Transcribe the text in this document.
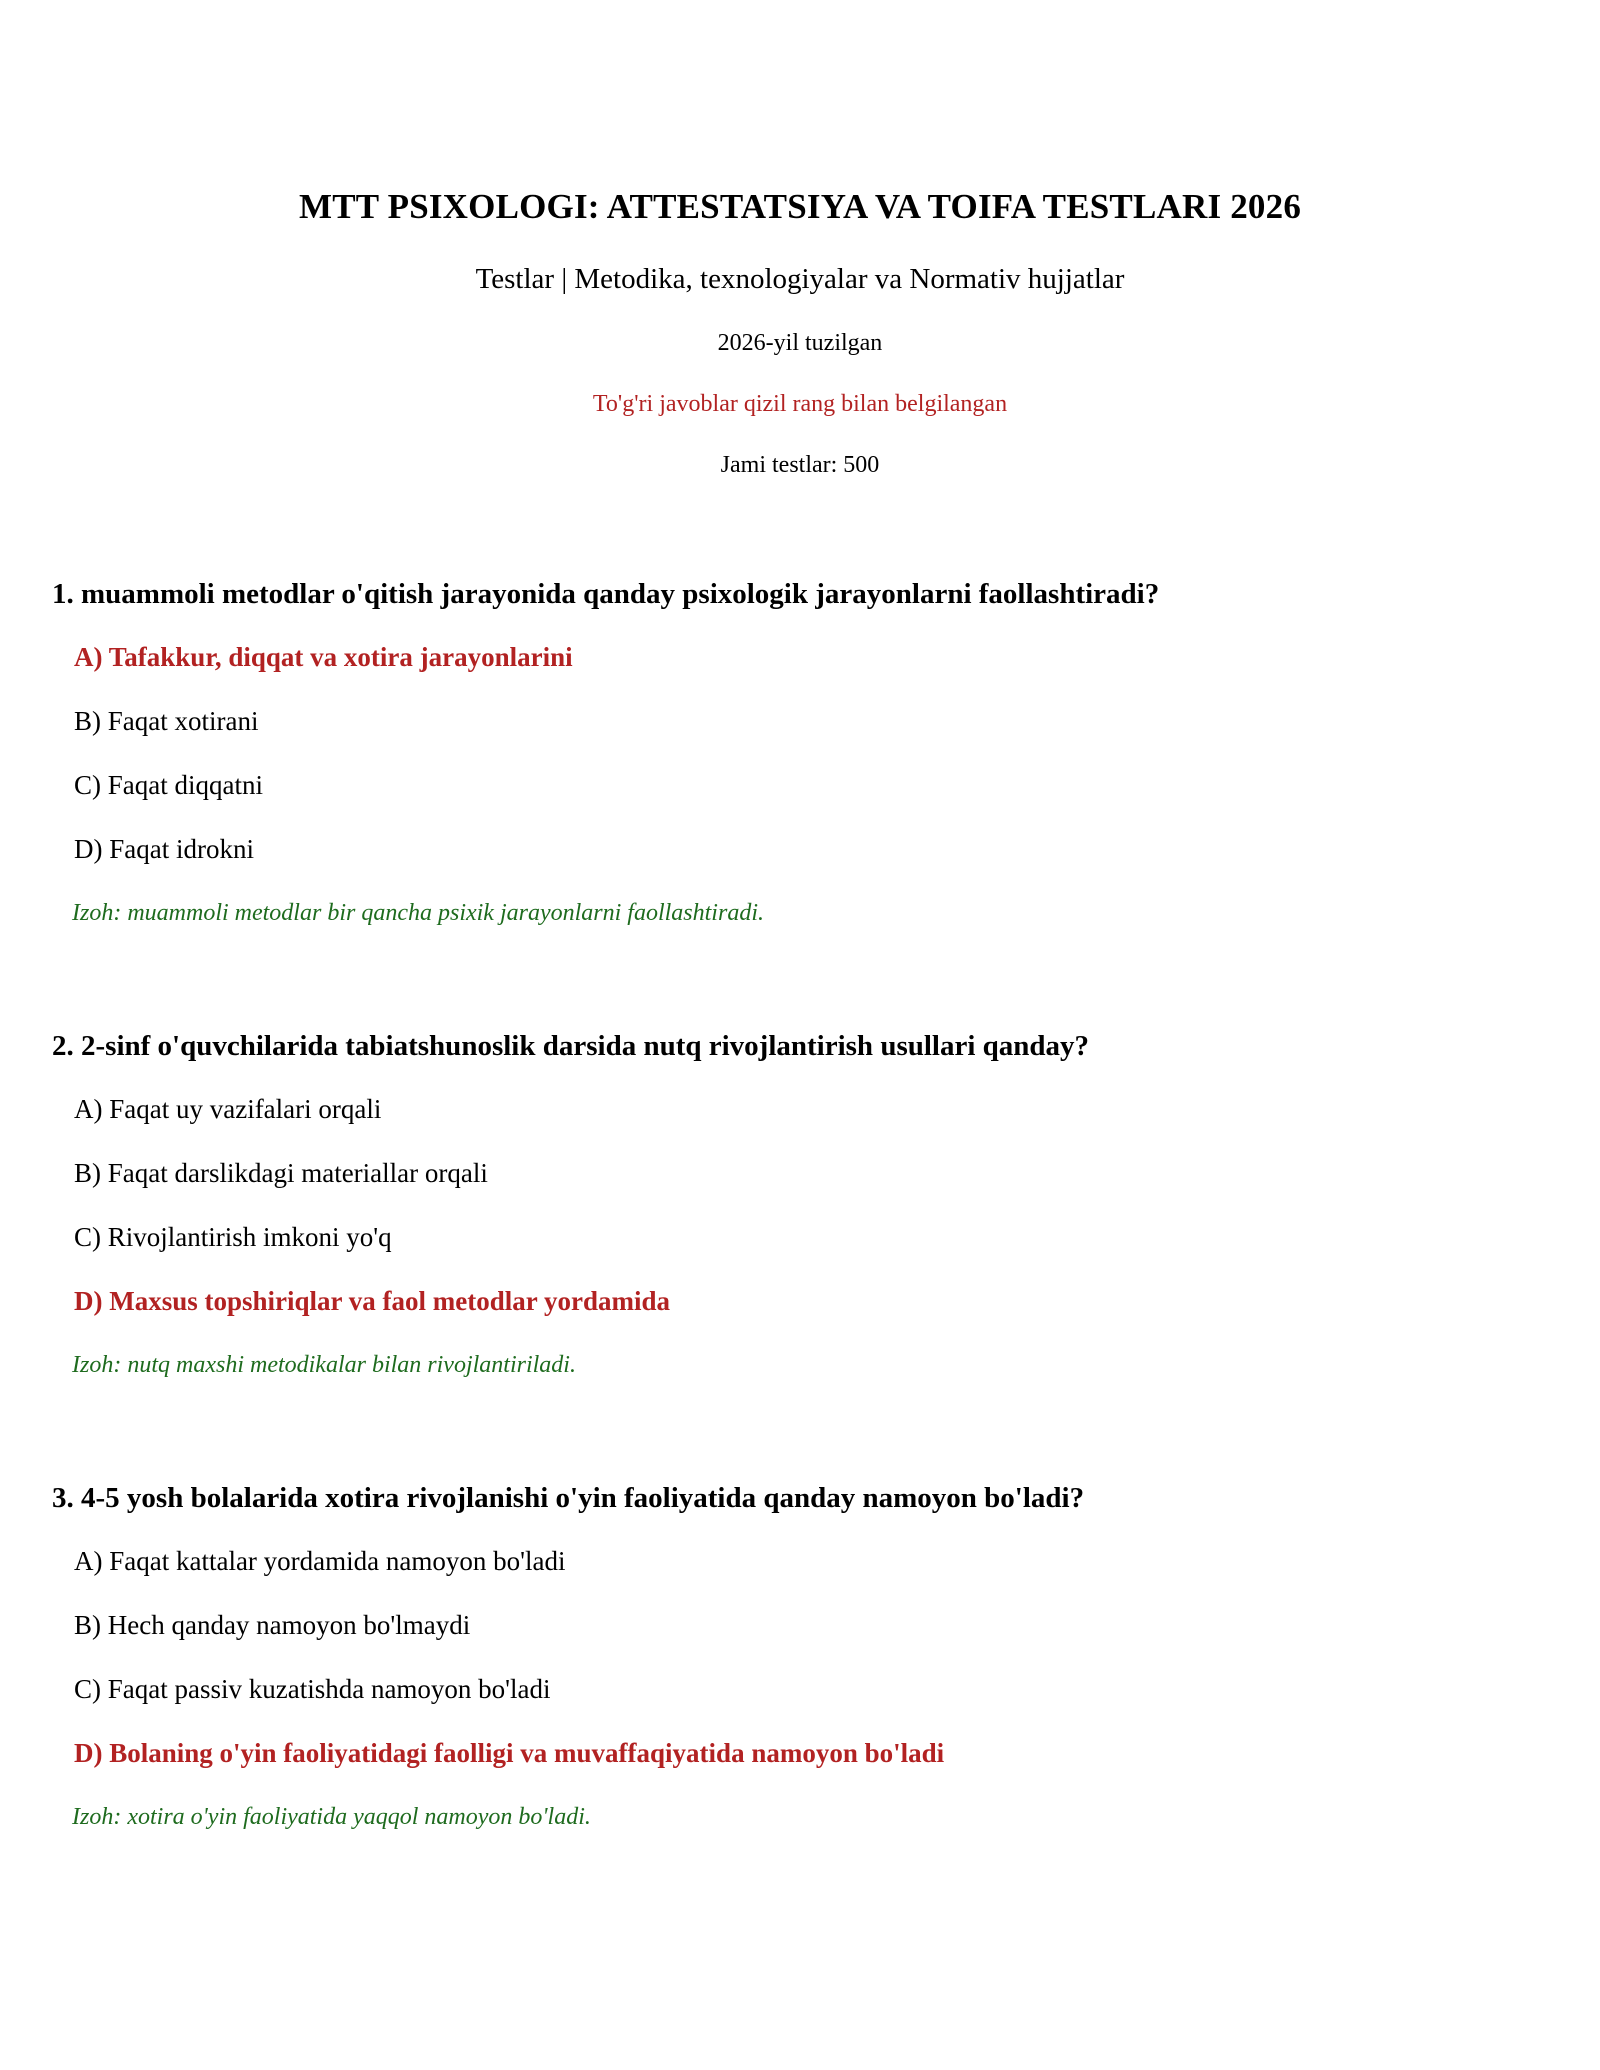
MTT PSIXOLOGI: ATTESTATSIYA VA TOIFA TESTLARI 2026
Testlar | Metodika, texnologiyalar va Normativ hujjatlar
2026-yil tuzilgan
To'g'ri javoblar qizil rang bilan belgilangan
Jami testlar: 500
1. muammoli metodlar o'qitish jarayonida qanday psixologik jarayonlarni faollashtiradi?
A) Tafakkur, diqqat va xotira jarayonlarini
B) Faqat xotirani
C) Faqat diqqatni
D) Faqat idrokni
Izoh: muammoli metodlar bir qancha psixik jarayonlarni faollashtiradi.
2. 2-sinf o'quvchilarida tabiatshunoslik darsida nutq rivojlantirish usullari qanday?
A) Faqat uy vazifalari orqali
B) Faqat darslikdagi materiallar orqali
C) Rivojlantirish imkoni yo'q
D) Maxsus topshiriqlar va faol metodlar yordamida
Izoh: nutq maxshi metodikalar bilan rivojlantiriladi.
3. 4-5 yosh bolalarida xotira rivojlanishi o'yin faoliyatida qanday namoyon bo'ladi?
A) Faqat kattalar yordamida namoyon bo'ladi
B) Hech qanday namoyon bo'lmaydi
C) Faqat passiv kuzatishda namoyon bo'ladi
D) Bolaning o'yin faoliyatidagi faolligi va muvaffaqiyatida namoyon bo'ladi
Izoh: xotira o'yin faoliyatida yaqqol namoyon bo'ladi.
